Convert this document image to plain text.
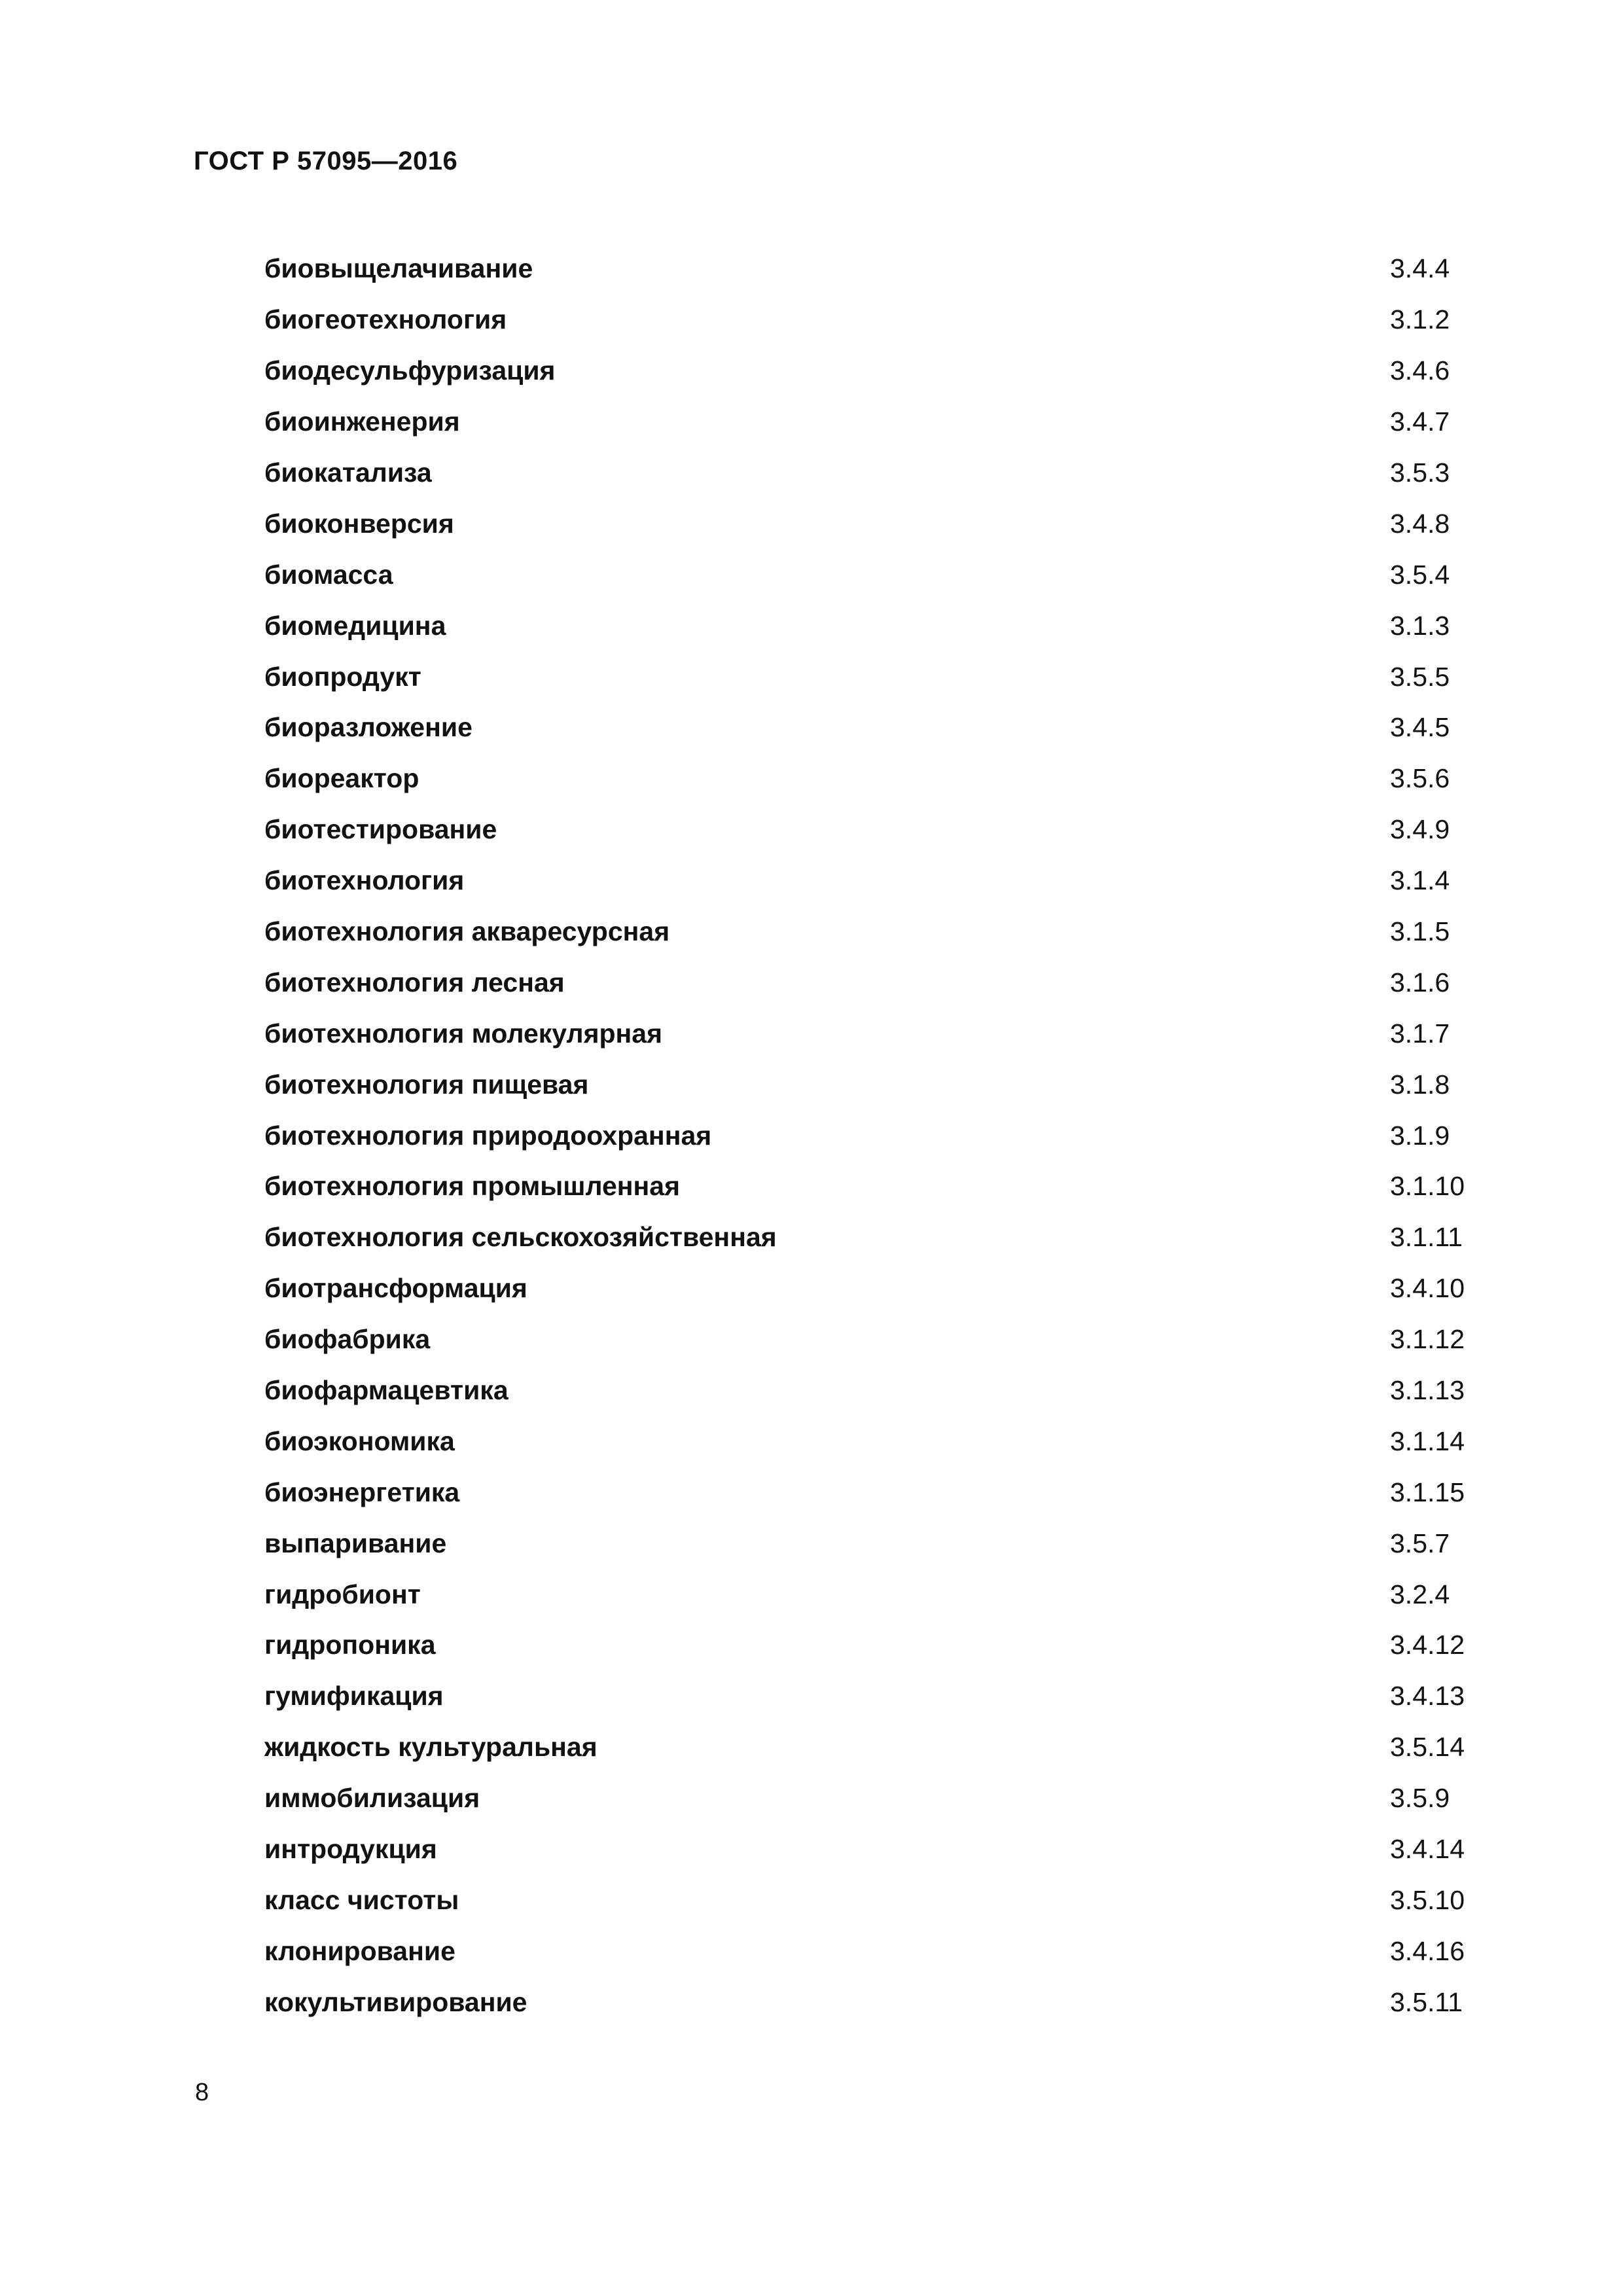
ГОСТ Р 57095—2016
биовыщелачивание	3.4.4
биогеотехнология	3.1.2
биодесульфуризация	3.4.6
биоинженерия	3.4.7
биокатализа	3.5.3
биоконверсия	3.4.8
биомасса	3.5.4
биомедицина	3.1.3
биопродукт	3.5.5
биоразложение	3.4.5
биореактор	3.5.6
биотестирование	3.4.9
биотехнология	3.1.4
биотехнология акваресурсная	3.1.5
биотехнология лесная	3.1.6
биотехнология молекулярная	3.1.7
биотехнология пищевая	3.1.8
биотехнология природоохранная	3.1.9
биотехнология промышленная	3.1.10
биотехнология сельскохозяйственная	3.1.11
биотрансформация	3.4.10
биофабрика	3.1.12
биофармацевтика	3.1.13
биоэкономика	3.1.14
биоэнергетика	3.1.15
выпаривание	3.5.7
гидробионт	3.2.4
гидропоника	3.4.12
гумификация	3.4.13
жидкость культуральная	3.5.14
иммобилизация	3.5.9
интродукция	3.4.14
класс чистоты	3.5.10
клонирование	3.4.16
кокультивирование	3.5.11
8
